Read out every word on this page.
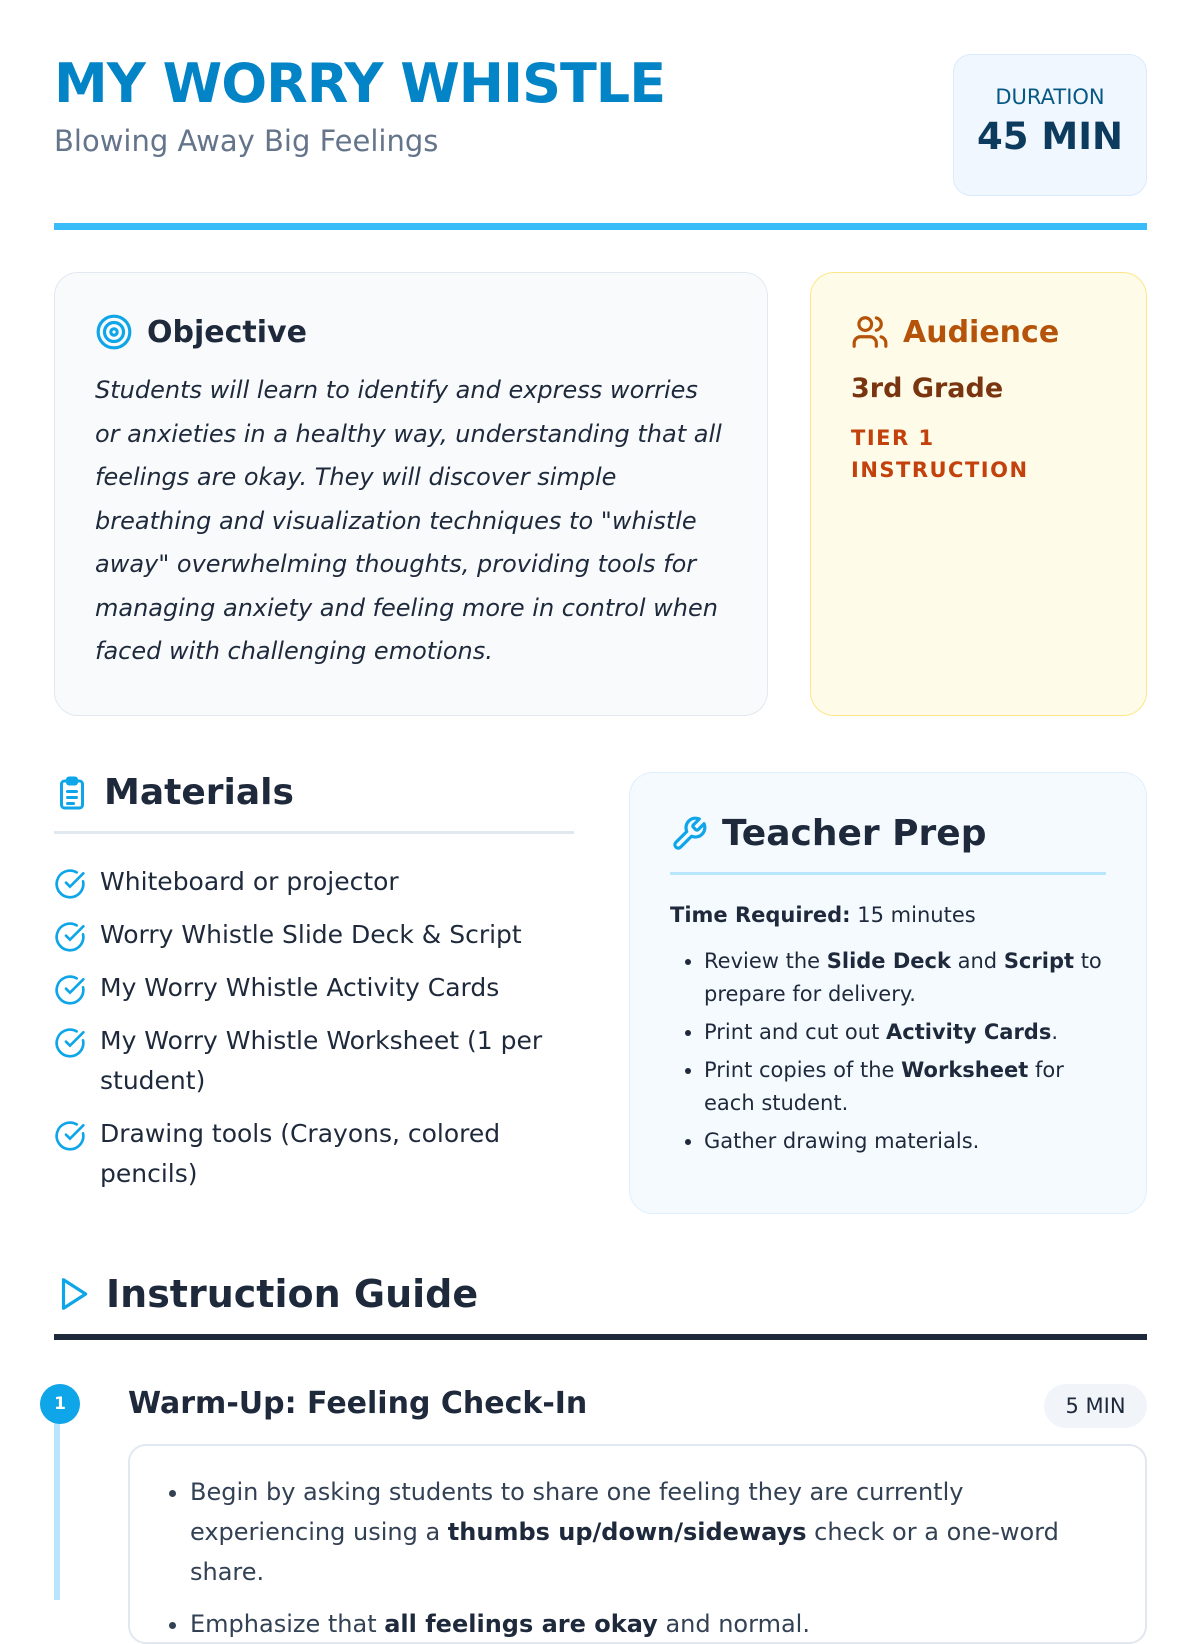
MY WORRY WHISTLE
Blowing Away Big Feelings
DURATION
45 MIN
Objective

Students will learn to identify and express worries or anxieties in a healthy way, understanding that all feelings are okay. They will discover simple breathing and visualization techniques to "whistle away" overwhelming thoughts, providing tools for managing anxiety and feeling more in control when faced with challenging emotions.

Audience
3rd Grade
TIER 1 INSTRUCTION
Materials
Whiteboard or projector
Worry Whistle Slide Deck & Script
My Worry Whistle Activity Cards
My Worry Whistle Worksheet (1 per student)
Drawing tools (Crayons, colored pencils)
Teacher Prep
Time Required: 15 minutes
• Review the Slide Deck and Script to prepare for delivery.
• Print and cut out Activity Cards.
• Print copies of the Worksheet for each student.
• Gather drawing materials.
Instruction Guide
1	Warm-Up: Feeling Check-In	5 MIN
• Begin by asking students to share one feeling they are currently experiencing using a thumbs up/down/sideways check or a one-word share.
• Emphasize that all feelings are okay and normal.
